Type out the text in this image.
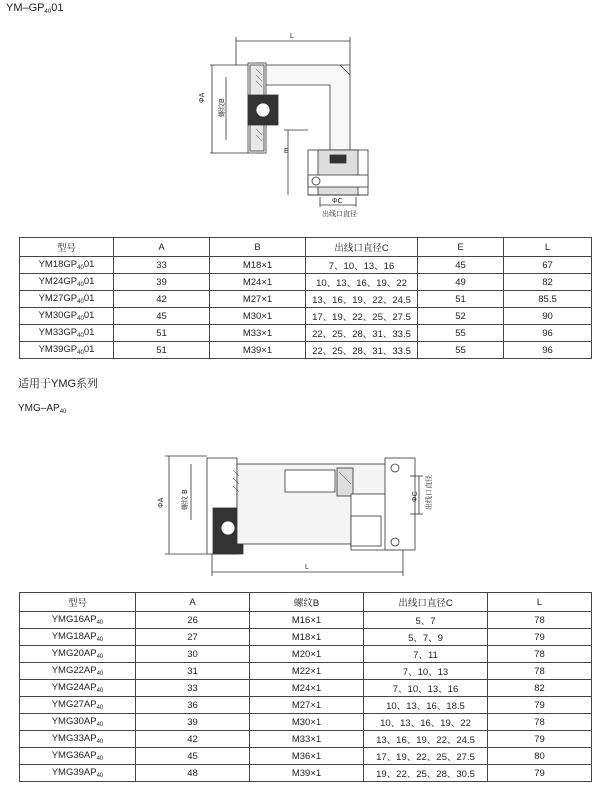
$YM-GP_{40}01$
L
ΦA
螺纹B
E
ΦC
出线口直径
型号	A	B	出线口直径C	E	L
$YM18GP_{40}01$	33	M18×1	7、10、13、16	45	67
$YM24GP_{40}01$	39	M24×1	10、13、16、19、22	49	82
$YM27GP_{40}01$	42	M27×1	13、16、19、22、24.5	51	85.5
$YM30GP_{40}01$	45	M30×1	17、19、22、25、27.5	52	90
$YM33GP_{40}01$	51	M33×1	22、25、28、31、33.5	55	96
$YM39GP_{40}01$	51	M39×1	22、25、28、31、33.5	55	96
适用于YMG系列
YMG–$AP_{40}$
ΦA 螺纹 B	ΦC 出线口直径
L
型号	A	螺纹B	出线口直径C	L
$YMG16AP_{40}$	26	M16×1	5、7	78
$YMG18AP_{40}$	27	M18×1	5、7、9	79
$YMG20AP_{40}$	30	M20×1	7、11	78
$YMG22AP_{40}$	31	M22×1	7、10、13	78
$YMG24AP_{40}$	33	M24×1	7、10、13、16	82
$YMG27AP_{40}$	36	M27×1	10、13、16、18.5	79
$YMG30AP_{40}$	39	M30×1	10、13、16、19、22	78
$YMG33AP_{40}$	42	M33×1	13、16、19、22、24.5	79
$YMG36AP_{40}$	45	M36×1	17、19、22、25、27.5	80
$YMG39AP_{40}$	48	M39×1	19、22、25、28、30.5	79
